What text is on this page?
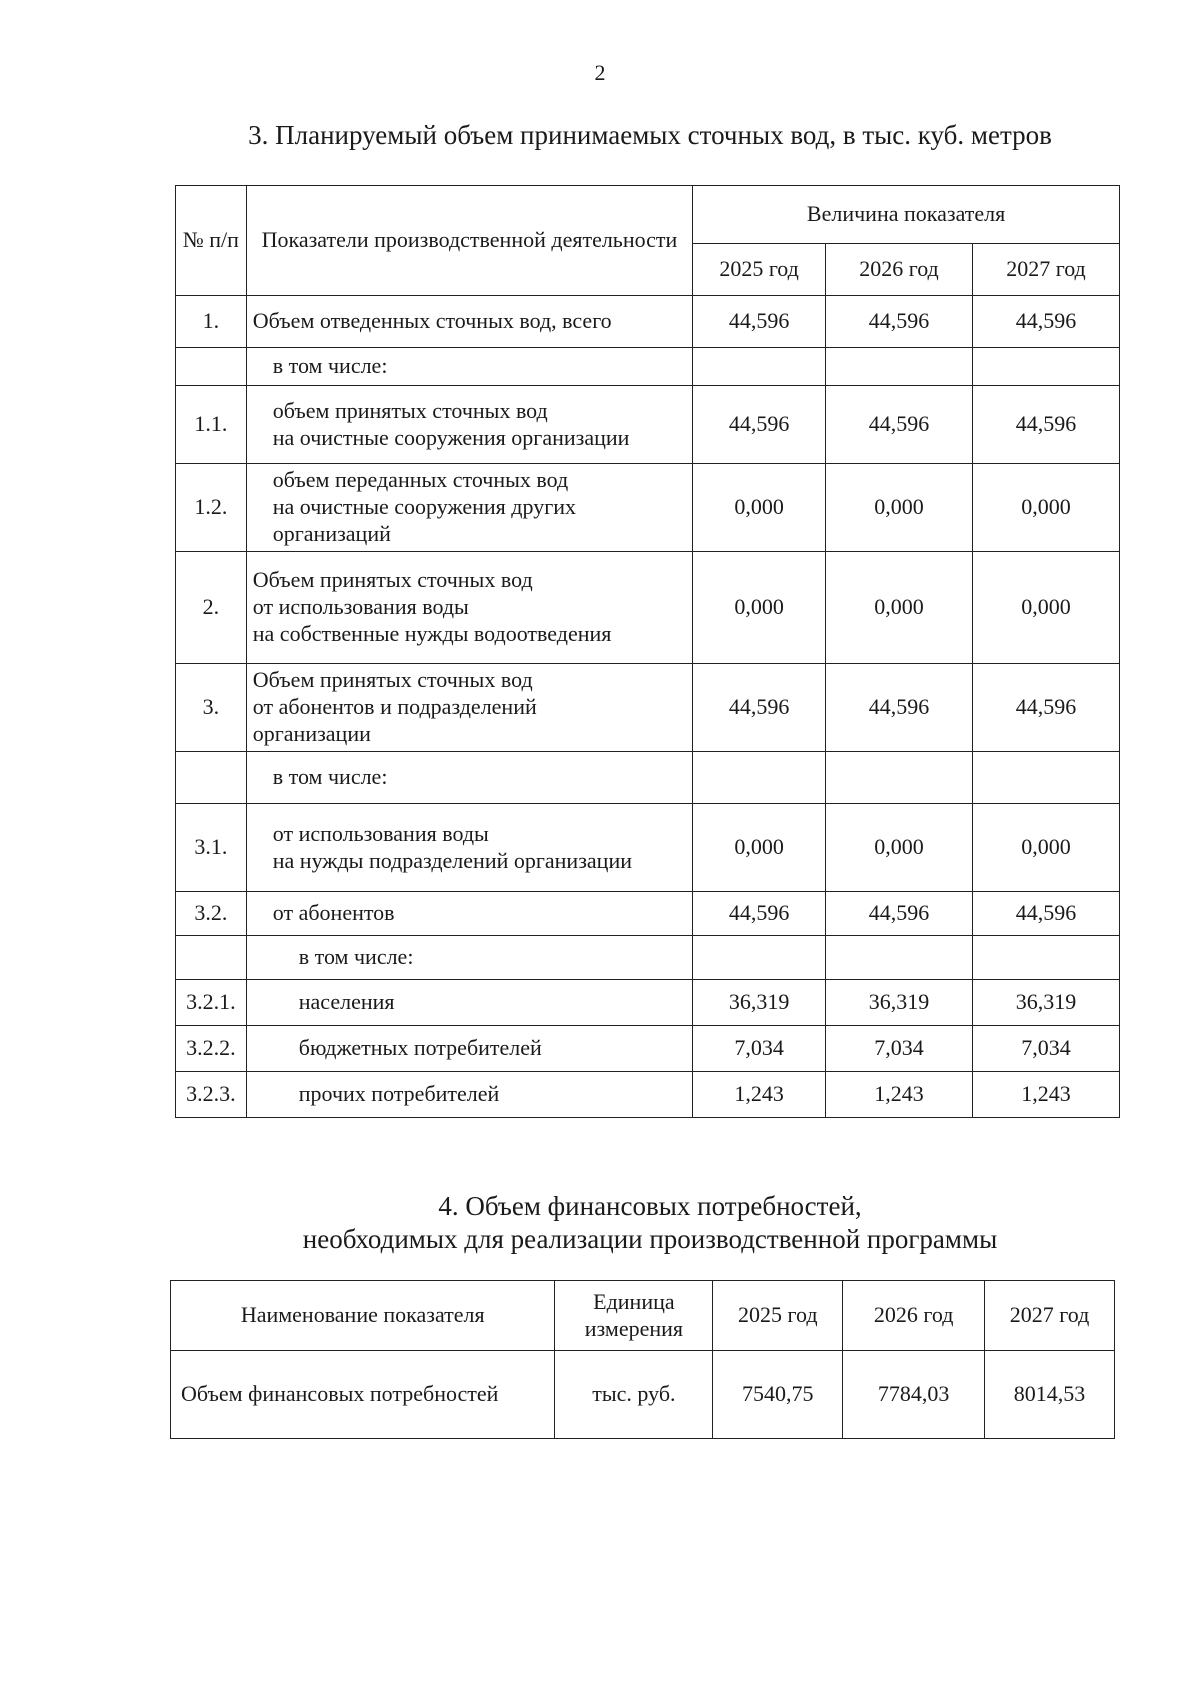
2
3. Планируемый объем принимаемых сточных вод, в тыс. куб. метров
№ п/п	Показатели производственной деятельности	Величина показателя		
		2025 год	2026 год	2027 год
1.	Объем отведенных сточных вод, всего	44,596	44,596	44,596
	в том числе:			
1.1.	объем принятых сточных вод
на очистные сооружения организации	44,596	44,596	44,596
1.2.	объем переданных сточных вод
на очистные сооружения других
организаций	0,000	0,000	0,000
2.	Объем принятых сточных вод
от использования воды
на собственные нужды водоотведения	0,000	0,000	0,000
3.	Объем принятых сточных вод
от абонентов и подразделений
организации	44,596	44,596	44,596
	в том числе:			
3.1.	от использования воды
на нужды подразделений организации	0,000	0,000	0,000
3.2.	от абонентов	44,596	44,596	44,596
	в том числе:			
3.2.1.	населения	36,319	36,319	36,319
3.2.2.	бюджетных потребителей	7,034	7,034	7,034
3.2.3.	прочих потребителей	1,243	1,243	1,243
4. Объем финансовых потребностей,
необходимых для реализации производственной программы
Наименование показателя	Единица измерения	2025 год	2026 год	2027 год
Объем финансовых потребностей	тыс. руб.	7540,75	7784,03	8014,53
